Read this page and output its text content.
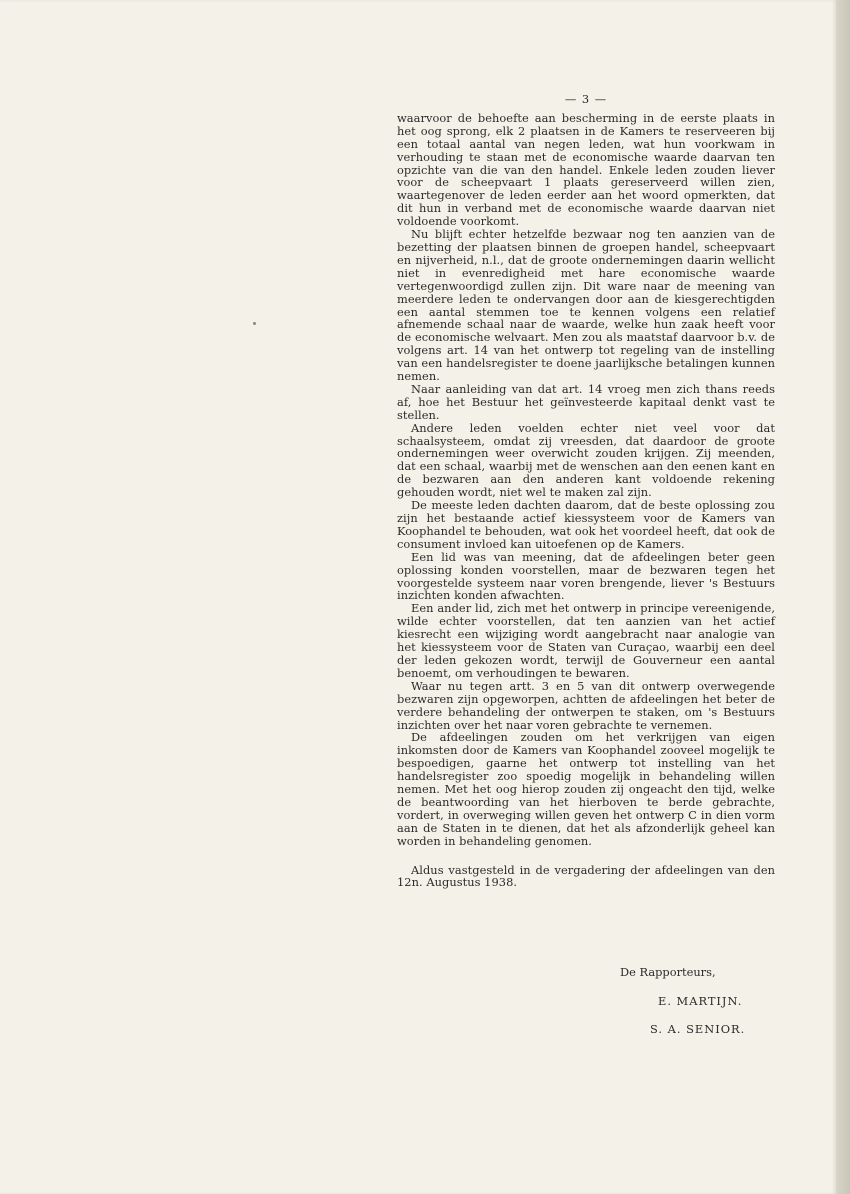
— 3 —

waarvoor de behoefte aan bescherming in de eerste plaats in het oog sprong, elk 2 plaatsen in de Kamers te reserveeren bij een totaal aantal van negen leden, wat hun voorkwam in verhouding te staan met de economische waarde daarvan ten opzichte van die van den handel. Enkele leden zouden liever voor de scheepvaart 1 plaats gereserveerd willen zien, waartegenover de leden eerder aan het woord opmerkten, dat dit hun in verband met de economische waarde daarvan niet voldoende voorkomt.

Nu blijft echter hetzelfde bezwaar nog ten aanzien van de bezetting der plaatsen binnen de groepen handel, scheepvaart en nijverheid, n.l., dat de groote ondernemingen daarin wellicht niet in evenredigheid met hare economische waarde vertegenwoordigd zullen zijn. Dit ware naar de meening van meerdere leden te ondervangen door aan de kiesgerechtigden een aantal stemmen toe te kennen volgens een relatief afnemende schaal naar de waarde, welke hun zaak heeft voor de economische welvaart. Men zou als maatstaf daarvoor b.v. de volgens art. 14 van het ontwerp tot regeling van de instelling van een handelsregister te doene jaarlijksche betalingen kunnen nemen.

Naar aanleiding van dat art. 14 vroeg men zich thans reeds af, hoe het Bestuur het geïnvesteerde kapitaal denkt vast te stellen.

Andere leden voelden echter niet veel voor dat schaalsysteem, omdat zij vreesden, dat daardoor de groote ondernemingen weer overwicht zouden krijgen. Zij meenden, dat een schaal, waarbij met de wenschen aan den eenen kant en de bezwaren aan den anderen kant voldoende rekening gehouden wordt, niet wel te maken zal zijn.

De meeste leden dachten daarom, dat de beste oplossing zou zijn het bestaande actief kiessysteem voor de Kamers van Koophandel te behouden, wat ook het voordeel heeft, dat ook de consument invloed kan uitoefenen op de Kamers.

Een lid was van meening, dat de afdeelingen beter geen oplossing konden voorstellen, maar de bezwaren tegen het voorgestelde systeem naar voren brengende, liever 's Bestuurs inzichten konden afwachten.

Een ander lid, zich met het ontwerp in principe vereenigende, wilde echter voorstellen, dat ten aanzien van het actief kiesrecht een wijziging wordt aangebracht naar analogie van het kiessysteem voor de Staten van Curaçao, waarbij een deel der leden gekozen wordt, terwijl de Gouverneur een aantal benoemt, om verhoudingen te bewaren.

Waar nu tegen artt. 3 en 5 van dit ontwerp overwegende bezwaren zijn opgeworpen, achtten de afdeelingen het beter de verdere behandeling der ontwerpen te staken, om 's Bestuurs inzichten over het naar voren gebrachte te vernemen.

De afdeelingen zouden om het verkrijgen van eigen inkomsten door de Kamers van Koophandel zooveel mogelijk te bespoedigen, gaarne het ontwerp tot instelling van het handelsregister zoo spoedig mogelijk in behandeling willen nemen. Met het oog hierop zouden zij ongeacht den tijd, welke de beantwoording van het hierboven te berde gebrachte, vordert, in overweging willen geven het ontwerp C in dien vorm aan de Staten in te dienen, dat het als afzonderlijk geheel kan worden in behandeling genomen.

Aldus vastgesteld in de vergadering der afdeelingen van den 12n. Augustus 1938.

De Rapporteurs,
E. MARTIJN.
S. A. SENIOR.
